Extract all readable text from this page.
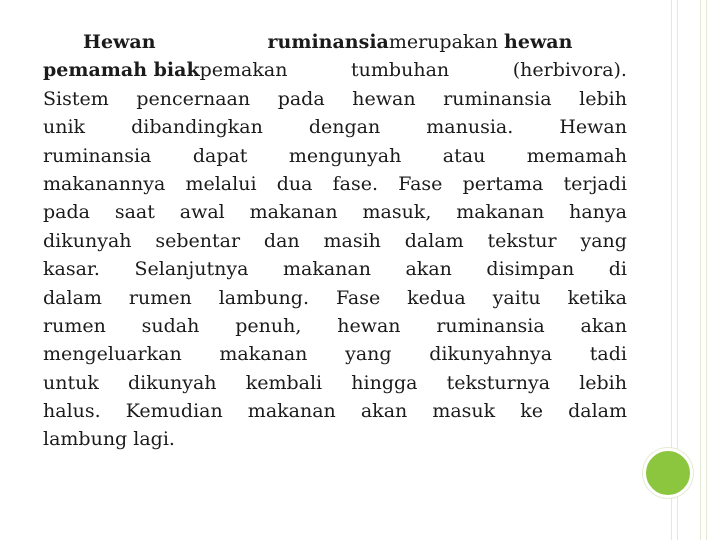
Hewan	ruminansiamerupakan hewan
pemamah biakpemakan	tumbuhan	(herbivora).
Sistem pencernaan pada hewan ruminansia lebih
unik dibandingkan dengan manusia. Hewan
ruminansia dapat mengunyah atau memamah
makanannya melalui dua fase. Fase pertama terjadi
pada saat awal makanan masuk, makanan hanya
dikunyah sebentar dan masih dalam tekstur yang
kasar. Selanjutnya makanan akan disimpan di
dalam rumen lambung. Fase kedua yaitu ketika
rumen sudah penuh, hewan ruminansia akan
mengeluarkan makanan yang dikunyahnya tadi
untuk dikunyah kembali hingga teksturnya lebih
halus. Kemudian makanan akan masuk ke dalam
lambung lagi.
